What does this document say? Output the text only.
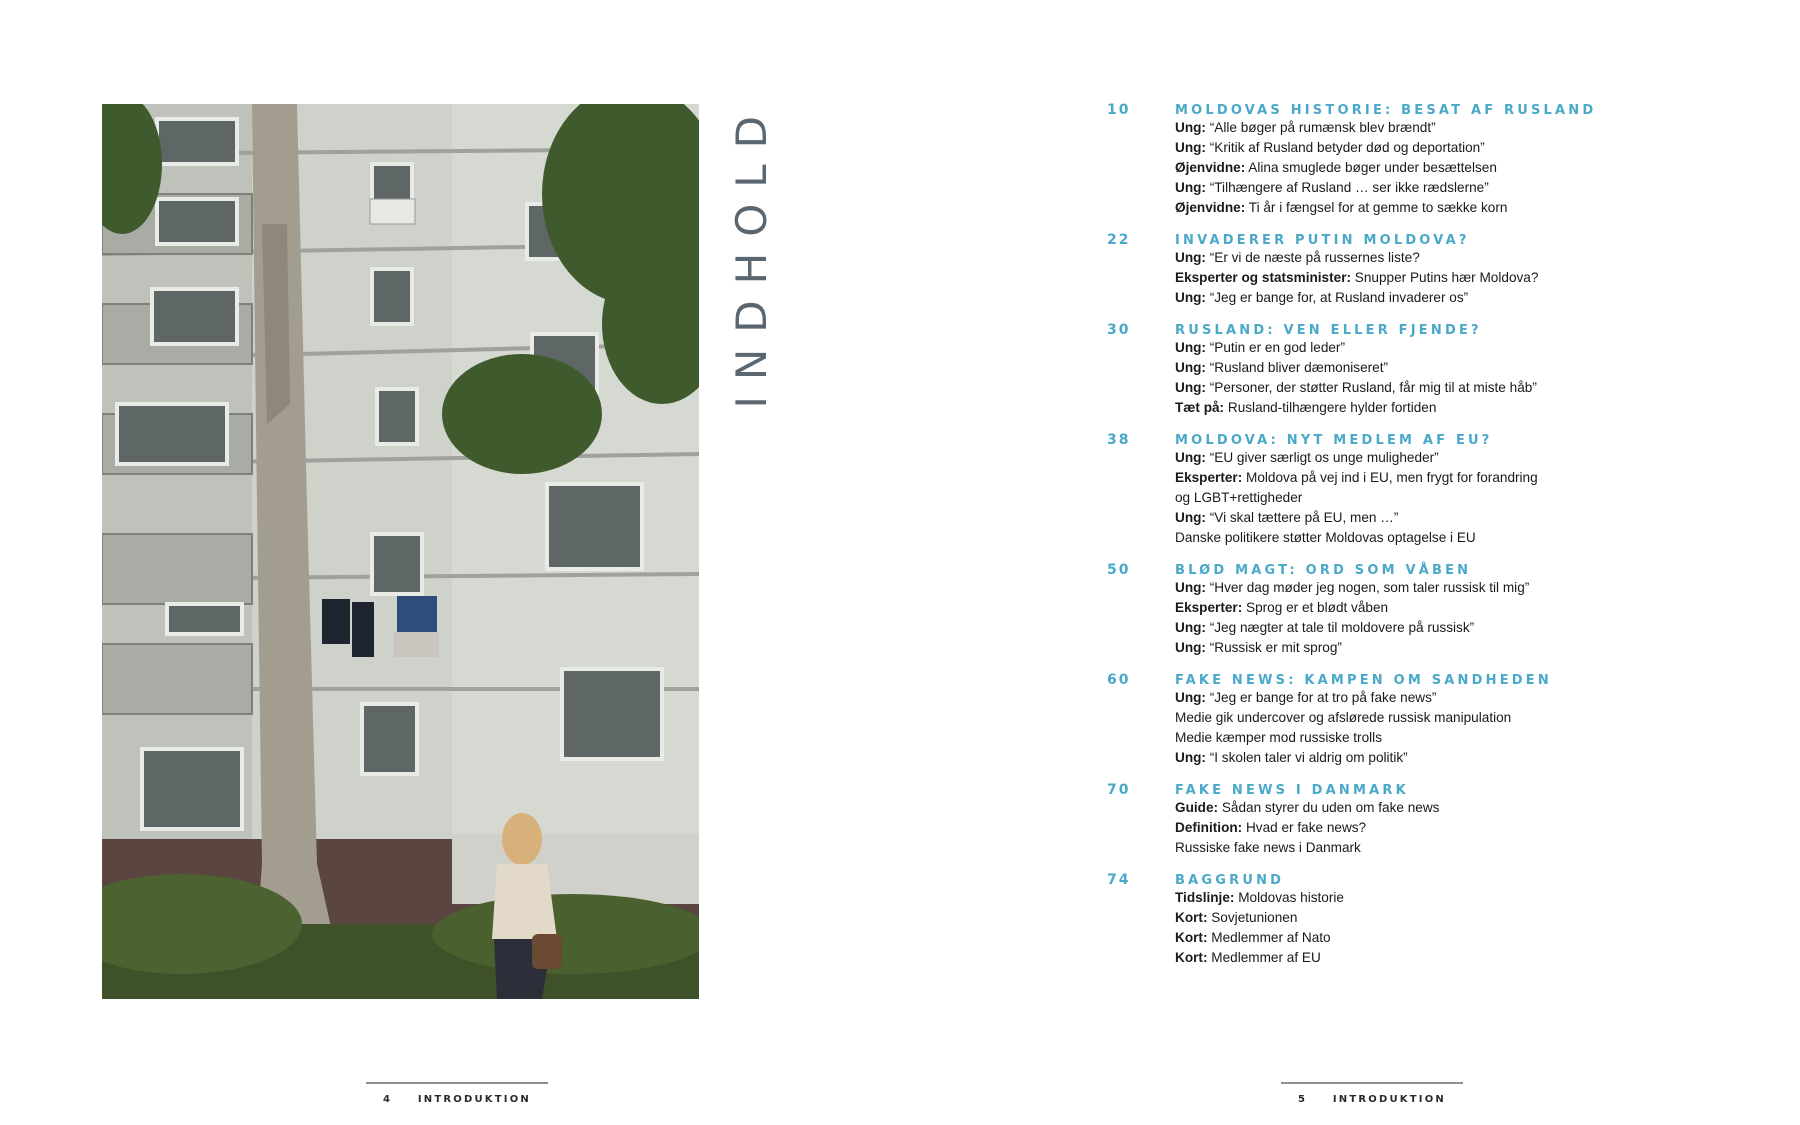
INDHOLD	10	MOLDOVAS HISTORIE: BESAT AF RUSLAND
Ung: “Alle bøger på rumænsk blev brændt”
Ung: “Kritik af Rusland betyder død og deportation”
Øjenvidne: Alina smuglede bøger under besættelsen
Ung: “Tilhængere af Rusland … ser ikke rædslerne”
Øjenvidne: Ti år i fængsel for at gemme to sække korn
22	INVADERER PUTIN MOLDOVA?
Ung: “Er vi de næste på russernes liste?
Eksperter og statsminister: Snupper Putins hær Moldova?
Ung: “Jeg er bange for, at Rusland invaderer os”
30	RUSLAND: VEN ELLER FJENDE?
Ung: “Putin er en god leder”
Ung: “Rusland bliver dæmoniseret”
Ung: “Personer, der støtter Rusland, får mig til at miste håb”
Tæt på: Rusland-tilhængere hylder fortiden
38	MOLDOVA: NYT MEDLEM AF EU?
Ung: “EU giver særligt os unge muligheder”
Eksperter: Moldova på vej ind i EU, men frygt for forandring
og LGBT+rettigheder
Ung: “Vi skal tættere på EU, men …”
Danske politikere støtter Moldovas optagelse i EU
50	BLØD MAGT: ORD SOM VÅBEN
Ung: “Hver dag møder jeg nogen, som taler russisk til mig”
Eksperter: Sprog er et blødt våben
Ung: “Jeg nægter at tale til moldovere på russisk”
Ung: “Russisk er mit sprog”
60	FAKE NEWS: KAMPEN OM SANDHEDEN
Ung: “Jeg er bange for at tro på fake news”
Medie gik undercover og afslørede russisk manipulation
Medie kæmper mod russiske trolls
Ung: “I skolen taler vi aldrig om politik”
70	FAKE NEWS I DANMARK
Guide: Sådan styrer du uden om fake news
Definition: Hvad er fake news?
Russiske fake news i Danmark
74	BAGGRUND
Tidslinje: Moldovas historie
Kort: Sovjetunionen
Kort: Medlemmer af Nato
Kort: Medlemmer af EU
4	INTRODUKTION	5	INTRODUKTION
